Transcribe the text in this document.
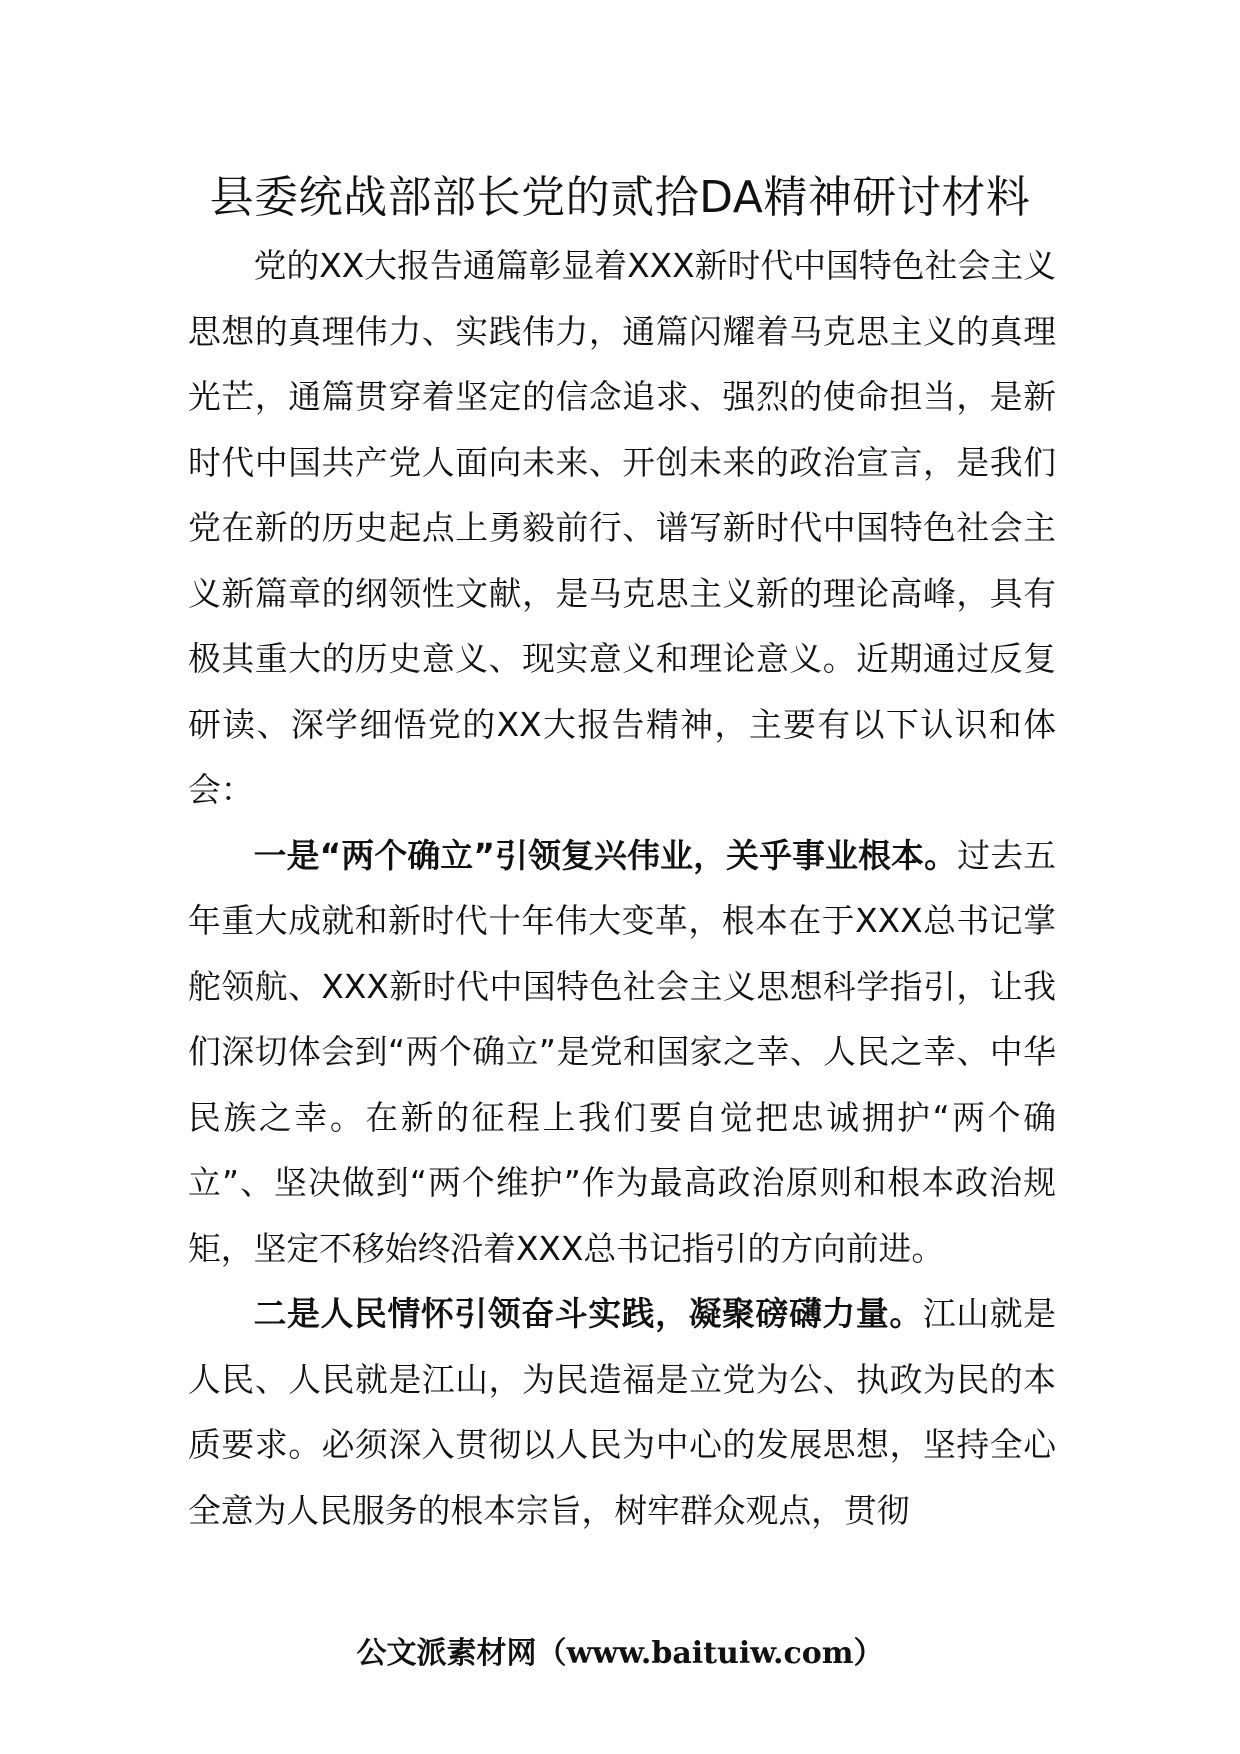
县委统战部部长党的贰拾DA精神研讨材料

党的XX大报告通篇彰显着XXX新时代中国特色社会主义思想的真理伟力、实践伟力，通篇闪耀着马克思主义的真理光芒，通篇贯穿着坚定的信念追求、强烈的使命担当，是新时代中国共产党人面向未来、开创未来的政治宣言，是我们党在新的历史起点上勇毅前行、谱写新时代中国特色社会主义新篇章的纲领性文献，是马克思主义新的理论高峰，具有极其重大的历史意义、现实意义和理论意义。近期通过反复研读、深学细悟党的XX大报告精神，主要有以下认识和体会：

一是“两个确立”引领复兴伟业，关乎事业根本。过去五年重大成就和新时代十年伟大变革，根本在于XXX总书记掌舵领航、XXX新时代中国特色社会主义思想科学指引，让我们深切体会到“两个确立”是党和国家之幸、人民之幸、中华民族之幸。在新的征程上我们要自觉把忠诚拥护“两个确立”、坚决做到“两个维护”作为最高政治原则和根本政治规矩，坚定不移始终沿着XXX总书记指引的方向前进。

二是人民情怀引领奋斗实践，凝聚磅礴力量。江山就是人民、人民就是江山，为民造福是立党为公、执政为民的本质要求。必须深入贯彻以人民为中心的发展思想，坚持全心全意为人民服务的根本宗旨，树牢群众观点，贯彻

公文派素材网（www.baituiw.com）
